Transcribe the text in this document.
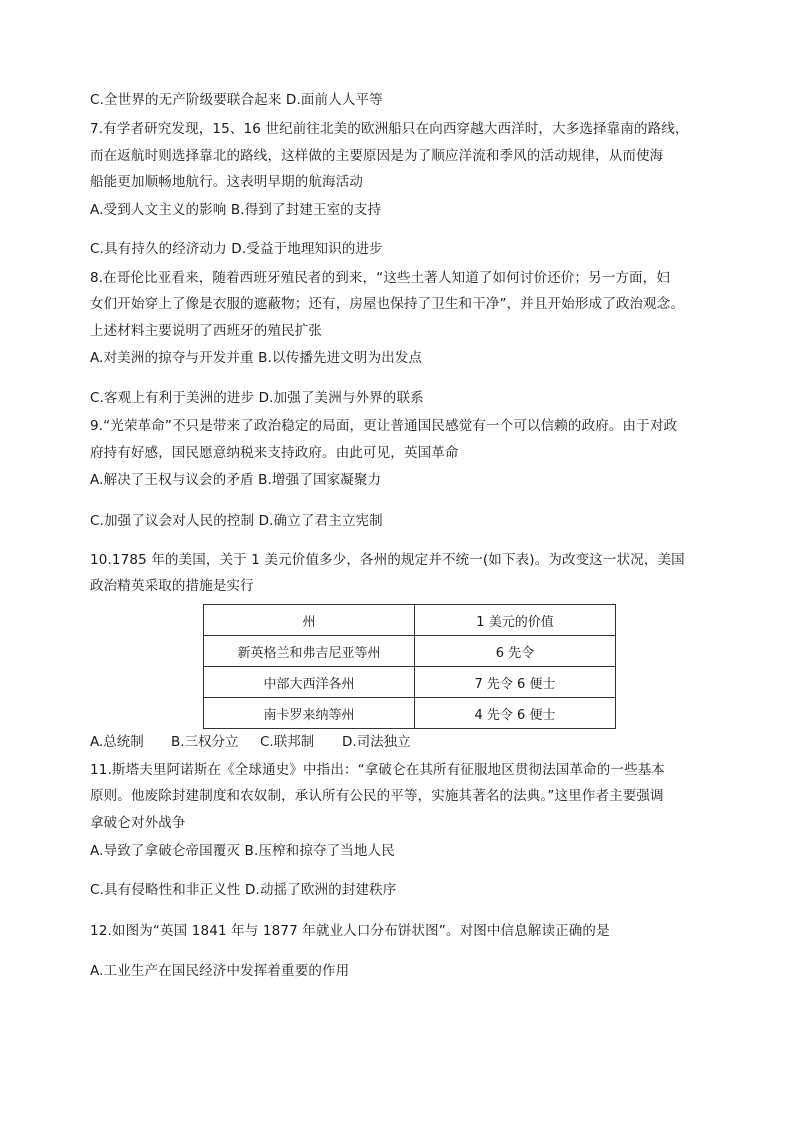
C.全世界的无产阶级要联合起来 D.面前人人平等
7.有学者研究发现，15、16 世纪前往北美的欧洲船只在向西穿越大西洋时，大多选择靠南的路线，
而在返航时则选择靠北的路线，这样做的主要原因是为了顺应洋流和季风的活动规律，从而使海
船能更加顺畅地航行。这表明早期的航海活动
A.受到人文主义的影响 B.得到了封建王室的支持
C.具有持久的经济动力 D.受益于地理知识的进步
8.在哥伦比亚看来，随着西班牙殖民者的到来，“这些土著人知道了如何讨价还价；另一方面，妇
女们开始穿上了像是衣服的遮蔽物；还有，房屋也保持了卫生和干净”，并且开始形成了政治观念。
上述材料主要说明了西班牙的殖民扩张
A.对美洲的掠夺与开发并重 B.以传播先进文明为出发点
C.客观上有利于美洲的进步 D.加强了美洲与外界的联系
9.“光荣革命”不只是带来了政治稳定的局面，更让普通国民感觉有一个可以信赖的政府。由于对政
府持有好感，国民愿意纳税来支持政府。由此可见，英国革命
A.解决了王权与议会的矛盾 B.增强了国家凝聚力
C.加强了议会对人民的控制 D.确立了君主立宪制
10.1785 年的美国，关于 1 美元价值多少，各州的规定并不统一(如下表)。为改变这一状况，美国
政治精英采取的措施是实行
州	1 美元的价值
新英格兰和弗吉尼亚等州	6 先令
中部大西洋各州	7 先令 6 便士
南卡罗来纳等州	4 先令 6 便士
A.总统制 B.三权分立 C.联邦制 D.司法独立
11.斯塔夫里阿诺斯在《全球通史》中指出：“拿破仑在其所有征服地区贯彻法国革命的一些基本
原则。他废除封建制度和农奴制，承认所有公民的平等，实施其著名的法典。”这里作者主要强调
拿破仑对外战争
A.导致了拿破仑帝国覆灭 B.压榨和掠夺了当地人民
C.具有侵略性和非正义性 D.动摇了欧洲的封建秩序
12.如图为“英国 1841 年与 1877 年就业人口分布饼状图”。对图中信息解读正确的是
A.工业生产在国民经济中发挥着重要的作用
